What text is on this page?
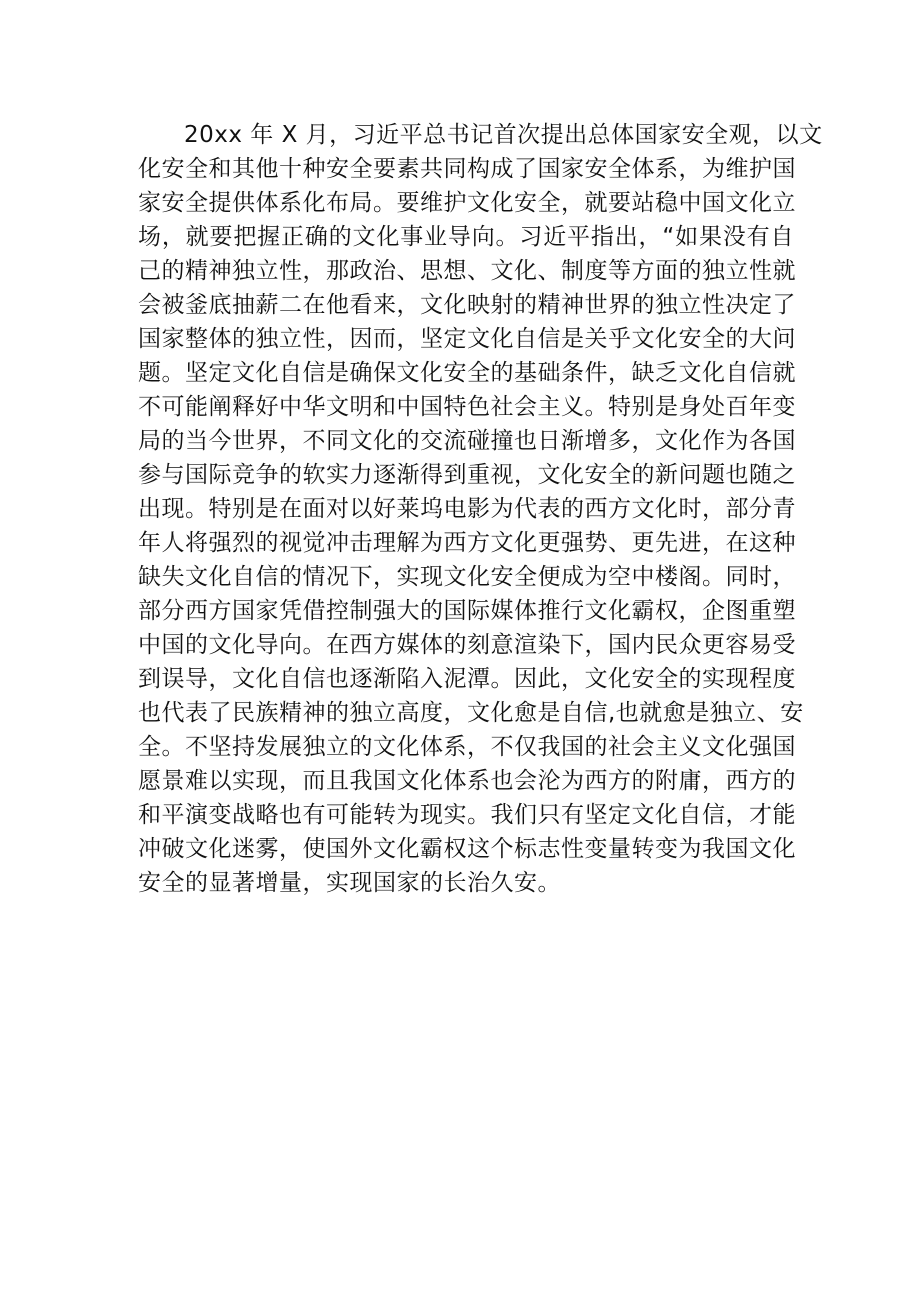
20xx 年 X 月，习近平总书记首次提出总体国家安全观，以文
化安全和其他十种安全要素共同构成了国家安全体系，为维护国
家安全提供体系化布局。要维护文化安全，就要站稳中国文化立
场，就要把握正确的文化事业导向。习近平指出，“如果没有自
己的精神独立性，那政治、思想、文化、制度等方面的独立性就
会被釜底抽薪二在他看来，文化映射的精神世界的独立性决定了
国家整体的独立性，因而，坚定文化自信是关乎文化安全的大问
题。坚定文化自信是确保文化安全的基础条件，缺乏文化自信就
不可能阐释好中华文明和中国特色社会主义。特别是身处百年变
局的当今世界，不同文化的交流碰撞也日渐增多，文化作为各国
参与国际竞争的软实力逐渐得到重视，文化安全的新问题也随之
出现。特别是在面对以好莱坞电影为代表的西方文化时，部分青
年人将强烈的视觉冲击理解为西方文化更强势、更先进，在这种
缺失文化自信的情况下，实现文化安全便成为空中楼阁。同时，
部分西方国家凭借控制强大的国际媒体推行文化霸权，企图重塑
中国的文化导向。在西方媒体的刻意渲染下，国内民众更容易受
到误导，文化自信也逐渐陷入泥潭。因此，文化安全的实现程度
也代表了民族精神的独立高度，文化愈是自信,也就愈是独立、安
全。不坚持发展独立的文化体系，不仅我国的社会主义文化强国
愿景难以实现，而且我国文化体系也会沦为西方的附庸，西方的
和平演变战略也有可能转为现实。我们只有坚定文化自信，才能
冲破文化迷雾，使国外文化霸权这个标志性变量转变为我国文化
安全的显著增量，实现国家的长治久安。
